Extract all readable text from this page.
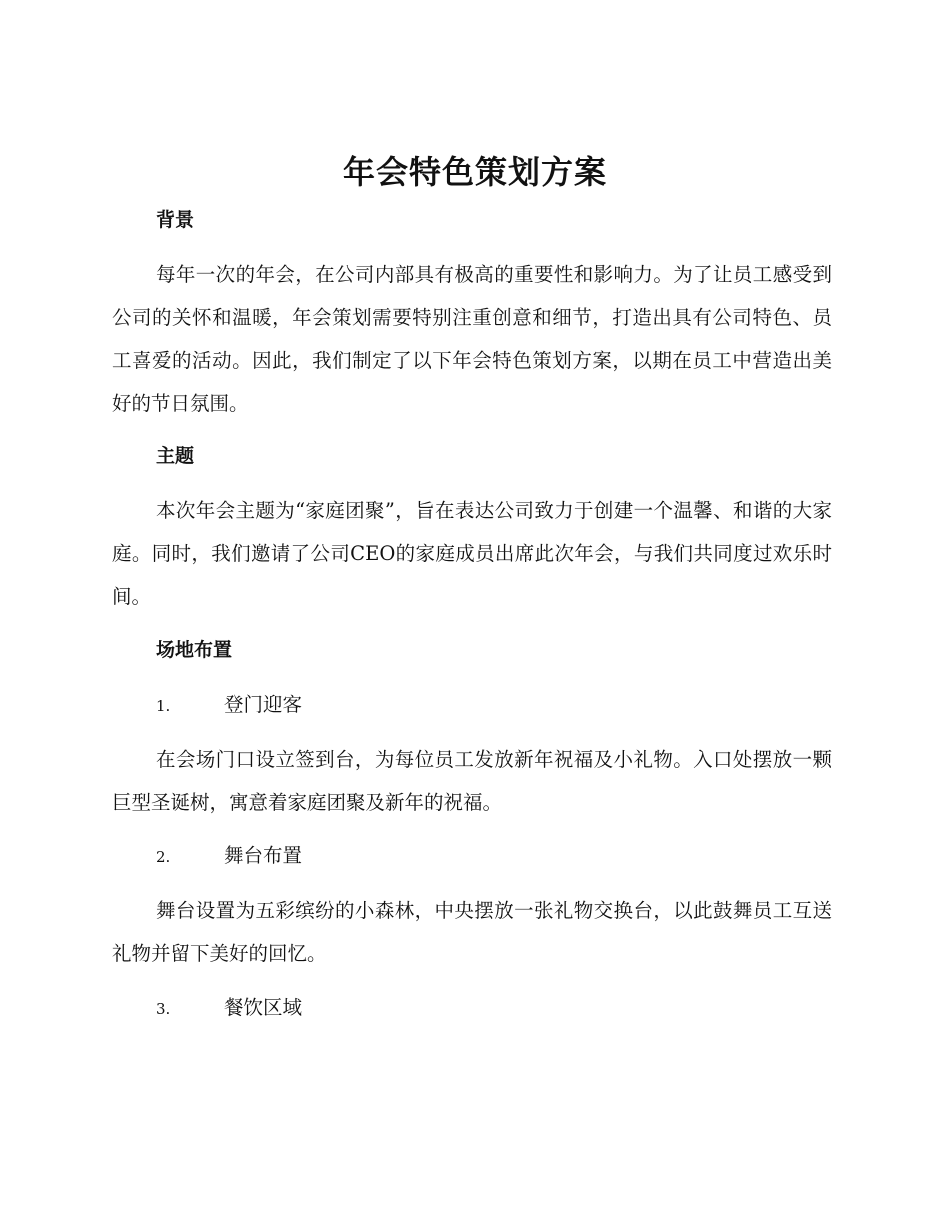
年会特色策划方案
背景

每年一次的年会，在公司内部具有极高的重要性和影响力。为了让员工感受到公司的关怀和温暖，年会策划需要特别注重创意和细节，打造出具有公司特色、员工喜爱的活动。因此，我们制定了以下年会特色策划方案，以期在员工中营造出美好的节日氛围。

主题

本次年会主题为“家庭团聚”，旨在表达公司致力于创建一个温馨、和谐的大家庭。同时，我们邀请了公司CEO的家庭成员出席此次年会，与我们共同度过欢乐时间。

场地布置
1.	登门迎客

在会场门口设立签到台，为每位员工发放新年祝福及小礼物。入口处摆放一颗巨型圣诞树，寓意着家庭团聚及新年的祝福。

2.	舞台布置

舞台设置为五彩缤纷的小森林，中央摆放一张礼物交换台，以此鼓舞员工互送礼物并留下美好的回忆。

3.	餐饮区域
